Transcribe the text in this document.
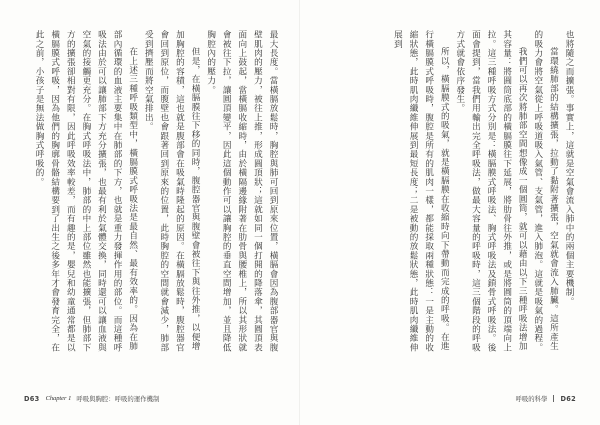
最大長度。當橫膈放鬆時，胸腔與肺可回到原來位置，橫膈會因為腹部器官與腹壁肌肉的壓力，被往上推，形成圓頂狀；這就如同一個打開的降落傘，其圓頂表面向上鼓起，當橫膈收縮時，由於橫隔邊緣附著在肋骨與腰椎上，所以其形狀就會被往下拉，讓圓頂變平，因此這個動作可以讓胸腔的垂直空間增加，並且降低胸腔內的壓力。

但是，在橫膈膜往下移的同時，腹腔器官與腹壁會被往下與往外推，以便增加胸腔的容積，這也就是腹部會在吸氣時隆起的原因。在橫膈放鬆時，腹腔器官會回到原位，而腹壁也會跟著回到原來的位置，此時胸腔的空間就會減少，肺部受到擠壓而將空氣排出。

在上述三種呼吸類型中，橫膈膜式呼吸法是最自然、最有效率的。因為在肺部內循環的血液主要集中在肺部的下方，也就是重力發揮作用的部位。而這種呼吸法由於可以讓肺部下方充分擴張，也最有利於氣體交換，同時還可以讓血液與空氣的接觸更充分。在胸式呼吸法中，肺部的中上部位雖然也能擴張，但肺部下方的擴張卻相對有限，因此呼吸效率較差，而有趣的是，嬰兒和幼童通常都是以橫膈膜式呼吸，因為他們的胸廓骨骼結構要到了出生之後多年才會發育完全，在此之前，小孩子是無法做胸式呼吸的。

D63 Chapter 1 呼吸與胸腔：呼吸的運作機制

也將隨之而擴張。事實上，這就是空氣會流入肺中的兩個主要機制。

當環繞肺部的結構擴張，拉動了黏附著擴張，空氣就會流入肺臟。這所產生的吸力會將空氣從上呼吸道吸入氣管、支氣管，進入肺泡。這就是吸氣的過程。

我們可以再次將肺部空間想像成一個圓筒，就可以藉由以下三種呼吸法增加其容量：將圓筒底部的橫膈膜往下延展，將肋骨往外推，或是將圓筒的頂端向上拉。這三種呼吸方式分別是：橫膈膜式呼吸法、胸式呼吸法及鎖骨式呼吸法。後面會提到，當我們用輸出完全呼吸法，做最大容量的呼吸時，這三個階段的呼吸方式就會依序發生。

所以，橫膈膜式的吸氣，就是橫膈膜在收縮時向下帶動而完成的呼吸。在進行橫膈膜式呼吸時，腹腔是所有的肌肉一樣，都能採取兩種狀態：一是主動的收縮狀態，此時肌肉纖維伸展到最短長度；二是被動的放鬆狀態，此時肌肉纖維伸展到

呼吸的科學 D62
